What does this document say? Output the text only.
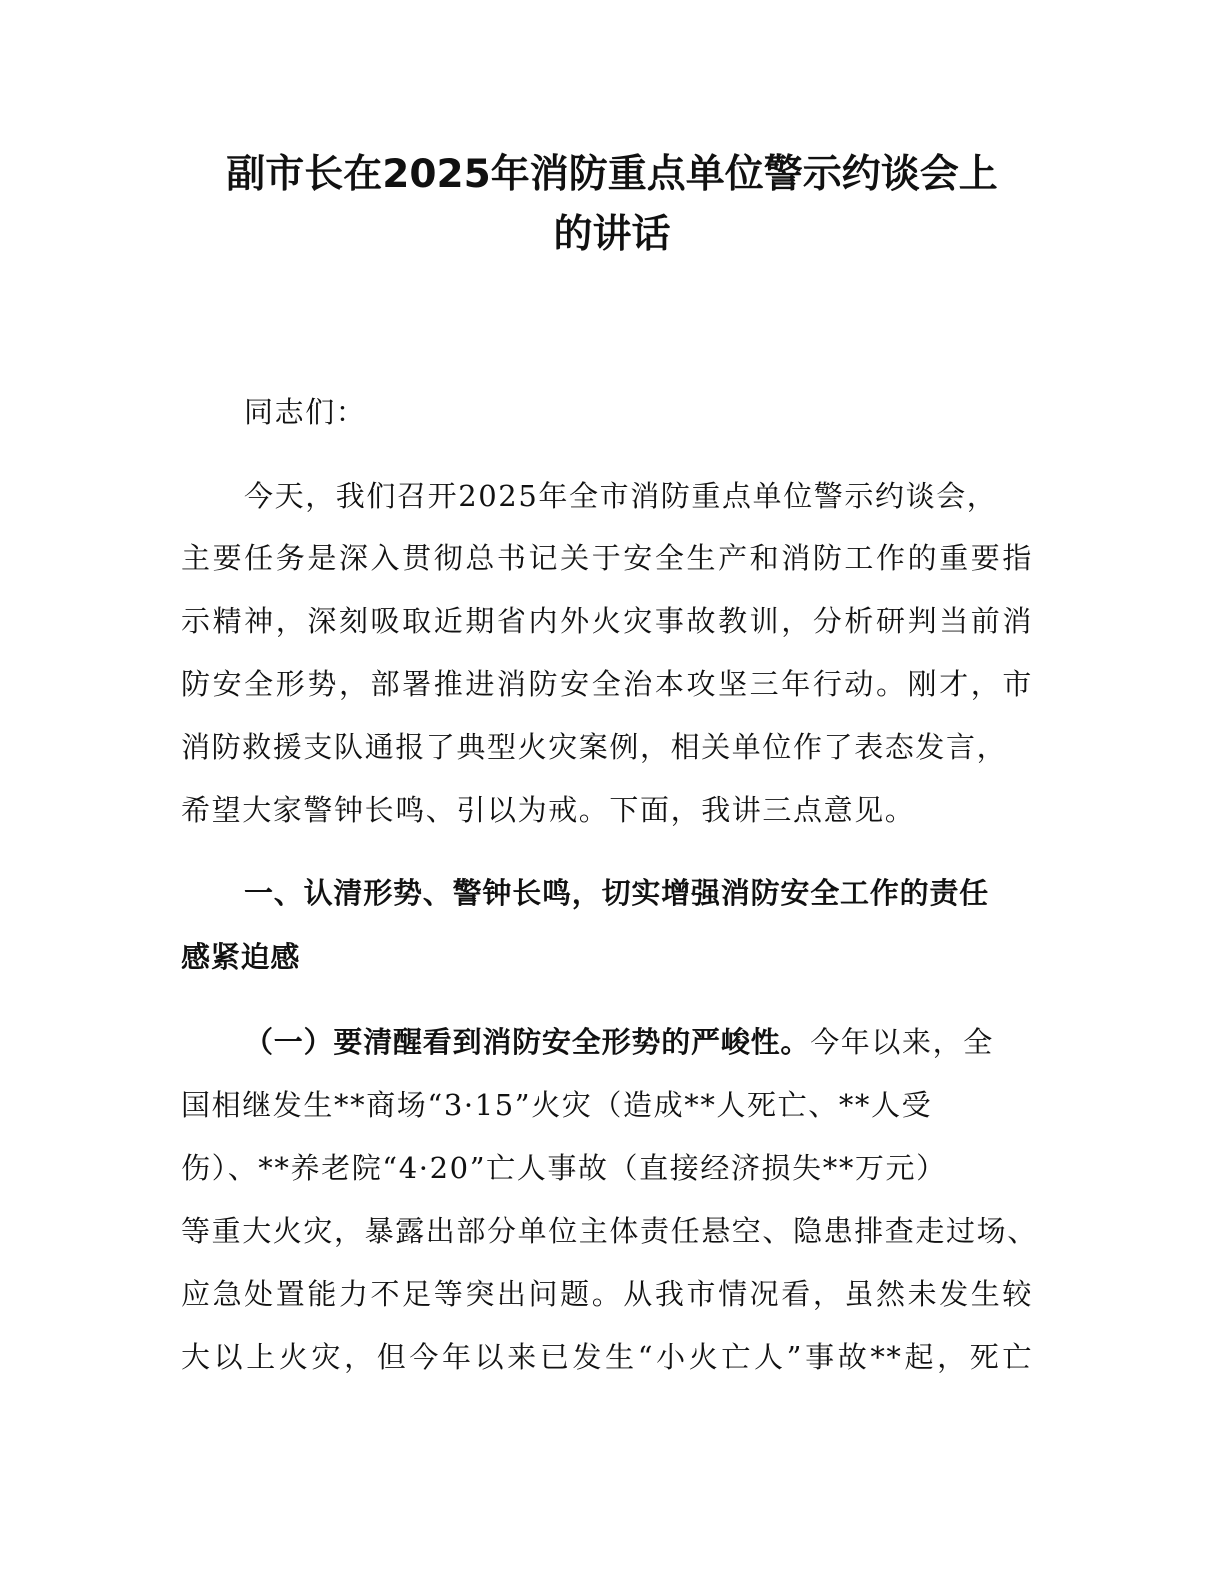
副市长在2025年消防重点单位警示约谈会上
的讲话

同志们：

今天，我们召开2025年全市消防重点单位警示约谈会，

主要任务是深入贯彻总书记关于安全生产和消防工作的重要指

示精神，深刻吸取近期省内外火灾事故教训，分析研判当前消

防安全形势，部署推进消防安全治本攻坚三年行动。刚才，市

消防救援支队通报了典型火灾案例，相关单位作了表态发言，

希望大家警钟长鸣、引以为戒。下面，我讲三点意见。

一、认清形势、警钟长鸣，切实增强消防安全工作的责任

感紧迫感

（一）要清醒看到消防安全形势的严峻性。今年以来，全

国相继发生**商场“3·15”火灾（造成**人死亡、**人受

伤）、**养老院“4·20”亡人事故（直接经济损失**万元）

等重大火灾，暴露出部分单位主体责任悬空、隐患排查走过场、

应急处置能力不足等突出问题。从我市情况看，虽然未发生较

大以上火灾，但今年以来已发生“小火亡人”事故**起，死亡
